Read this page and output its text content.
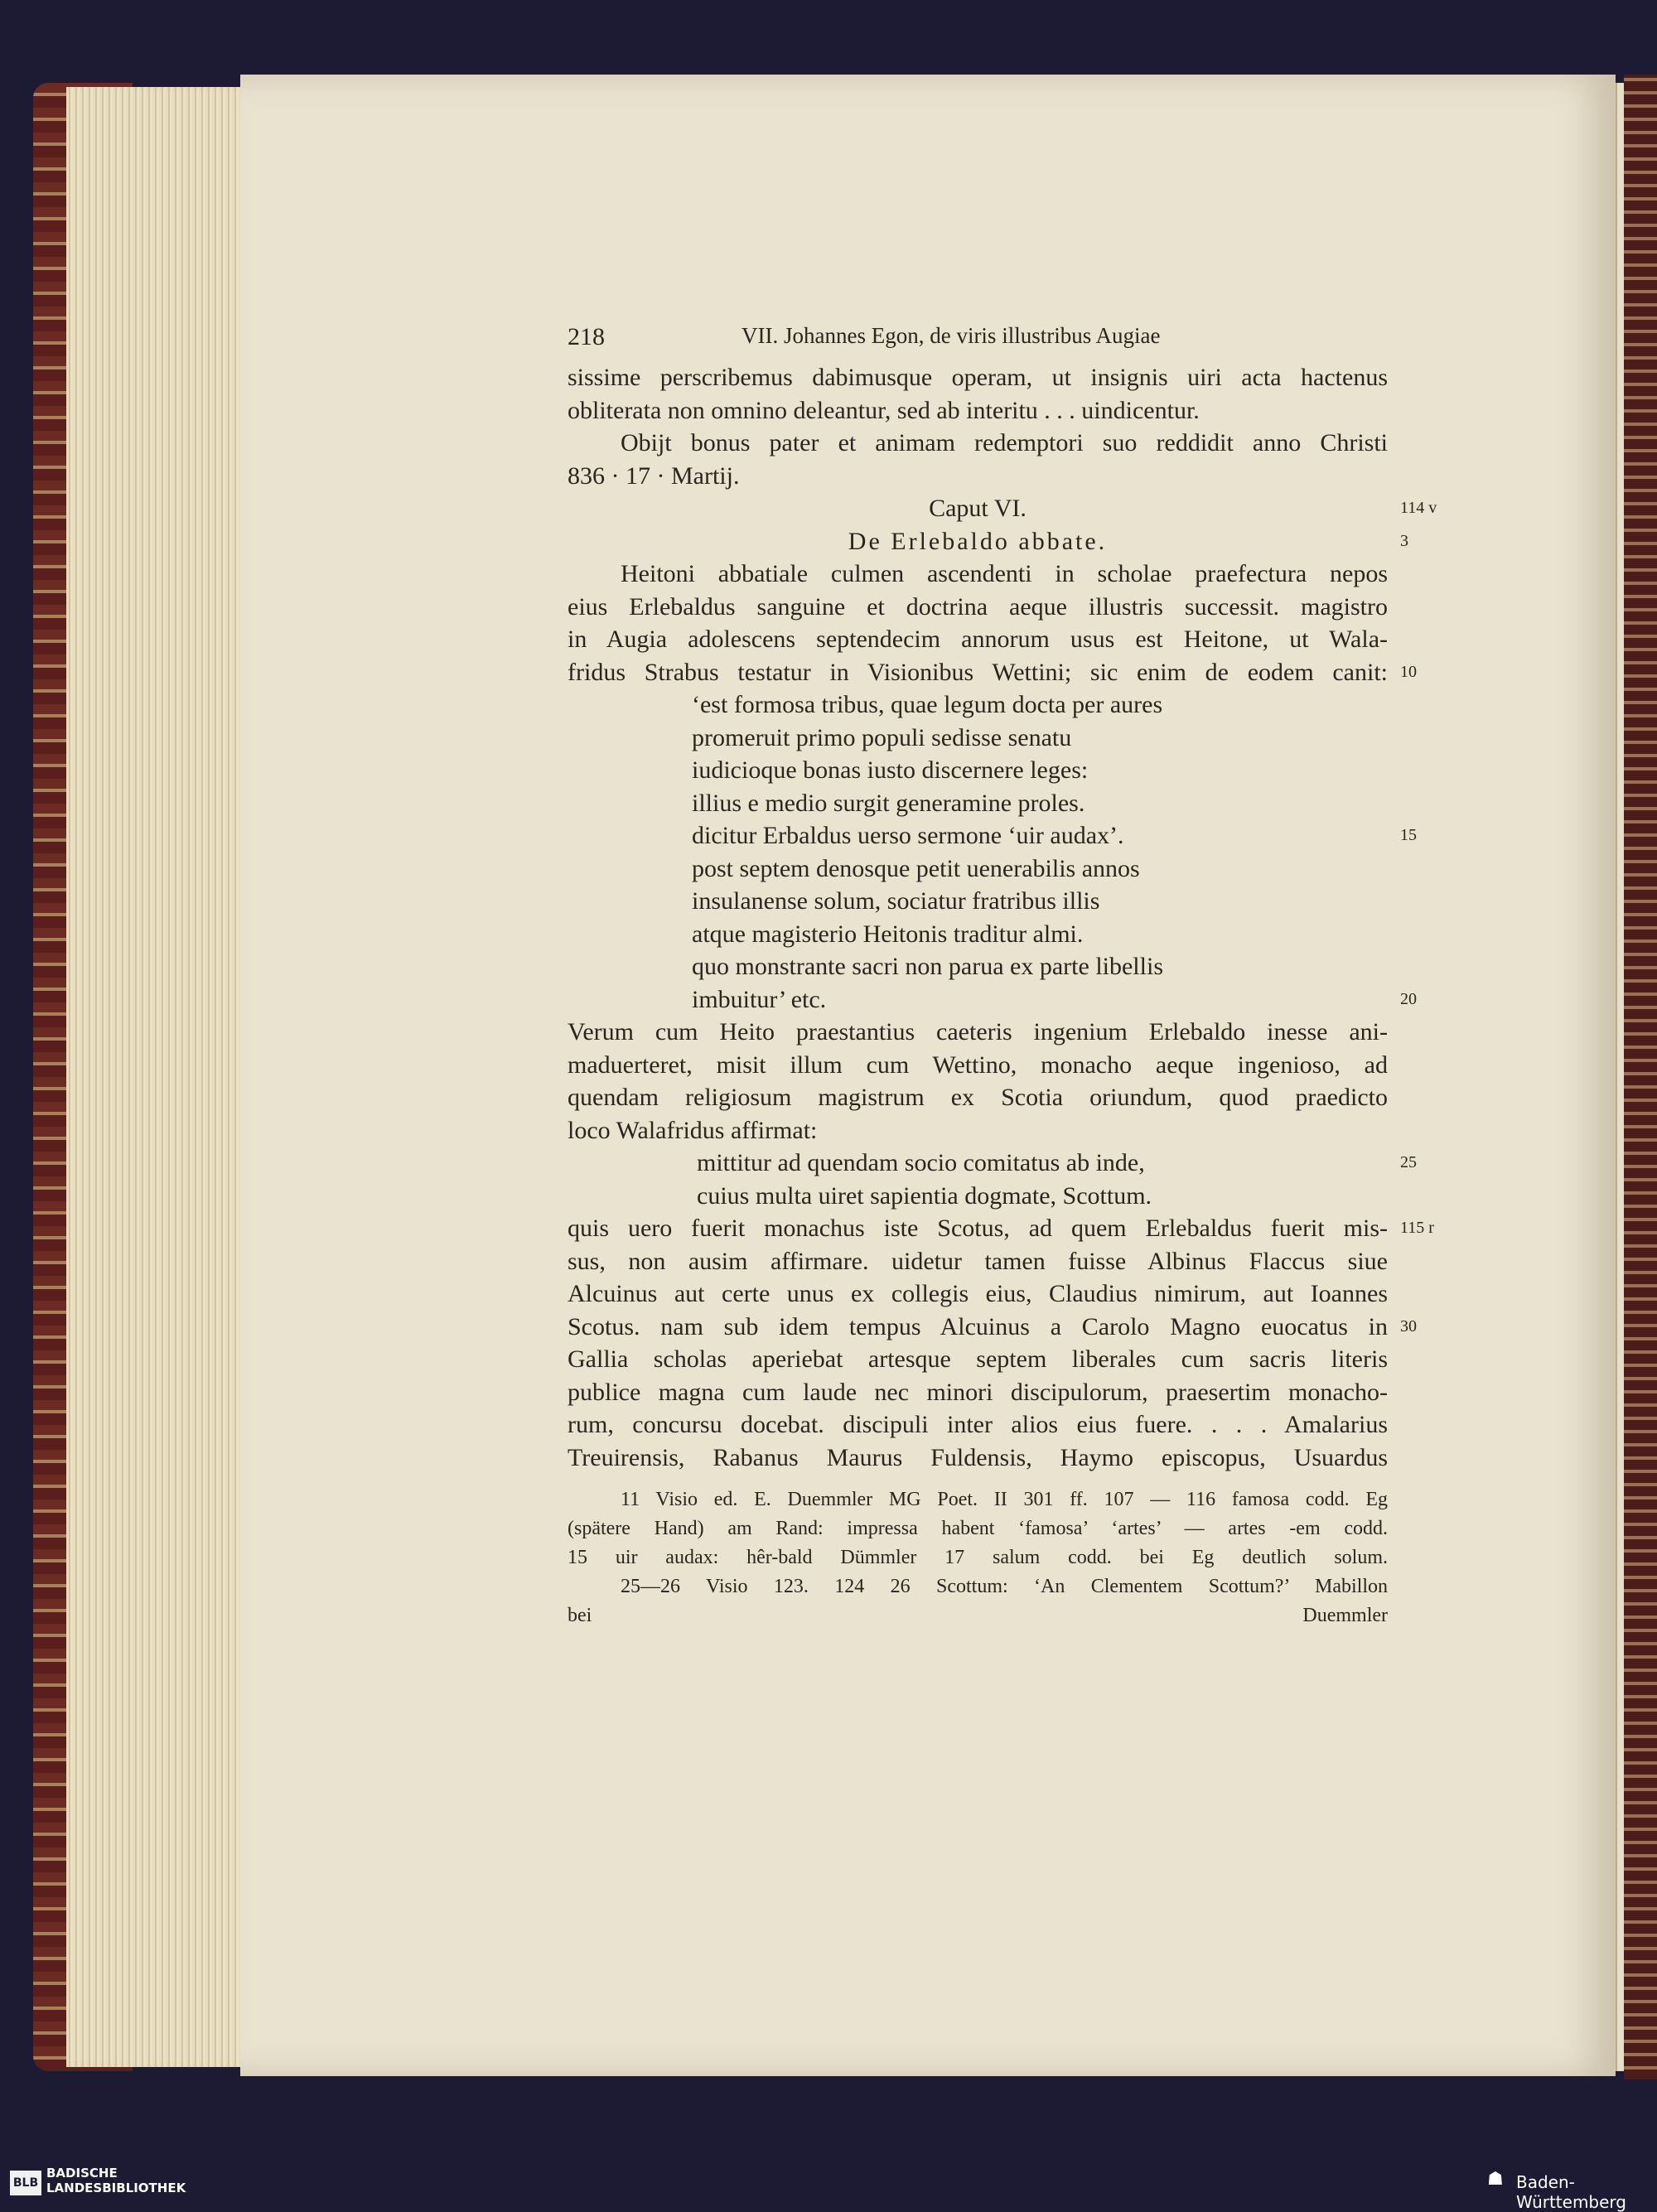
218	VII. Johannes Egon, de viris illustribus Augiae
sissime perscribemus dabimusque operam, ut insignis uiri acta hactenus
obliterata non omnino deleantur, sed ab interitu . . . uindicentur.
Obijt bonus pater et animam redemptori suo reddidit anno Christi
836 · 17 · Martij.
Caput VI.	114 v
De Erlebaldo abbate.	3
Heitoni abbatiale culmen ascendenti in scholae praefectura nepos
eius Erlebaldus sanguine et doctrina aeque illustris successit. magistro
in Augia adolescens septendecim annorum usus est Heitone, ut Wala-
fridus Strabus testatur in Visionibus Wettini; sic enim de eodem canit: 10
‘est formosa tribus, quae legum docta per aures
promeruit primo populi sedisse senatu
iudicioque bonas iusto discernere leges:
illius e medio surgit generamine proles.
dicitur Erbaldus uerso sermone ‘uir audax’.	15
post septem denosque petit uenerabilis annos
insulanense solum, sociatur fratribus illis
atque magisterio Heitonis traditur almi.
quo monstrante sacri non parua ex parte libellis
imbuitur’ etc.	20
Verum cum Heito praestantius caeteris ingenium Erlebaldo inesse ani-
maduerteret, misit illum cum Wettino, monacho aeque ingenioso, ad
quendam religiosum magistrum ex Scotia oriundum, quod praedicto
loco Walafridus affirmat:
mittitur ad quendam socio comitatus ab inde,	25
cuius multa uiret sapientia dogmate, Scottum.
quis uero fuerit monachus iste Scotus, ad quem Erlebaldus fuerit mis- 115 r
sus, non ausim affirmare. uidetur tamen fuisse Albinus Flaccus siue
Alcuinus aut certe unus ex collegis eius, Claudius nimirum, aut Ioannes
Scotus. nam sub idem tempus Alcuinus a Carolo Magno euocatus in 30
Gallia scholas aperiebat artesque septem liberales cum sacris literis
publice magna cum laude nec minori discipulorum, praesertim monacho-
rum, concursu docebat. discipuli inter alios eius fuere. . . . Amalarius
Treuirensis, Rabanus Maurus Fuldensis, Haymo episcopus, Usuardus
11 Visio ed. E. Duemmler MG Poet. II 301 ff. 107 — 116 famosa codd. Eg
(spätere Hand) am Rand: impressa habent ‘famosa’ ‘artes’ — artes -em codd.
15 uir audax: hêr-bald Dümmler 17 salum codd. bei Eg deutlich solum.
25—26 Visio 123. 124 26 Scottum: ‘An Clementem Scottum?’ Mabillon
bei Duemmler
BLB
BADISCHE
LANDESBIBLIOTHEK	☗ Baden-Württemberg
